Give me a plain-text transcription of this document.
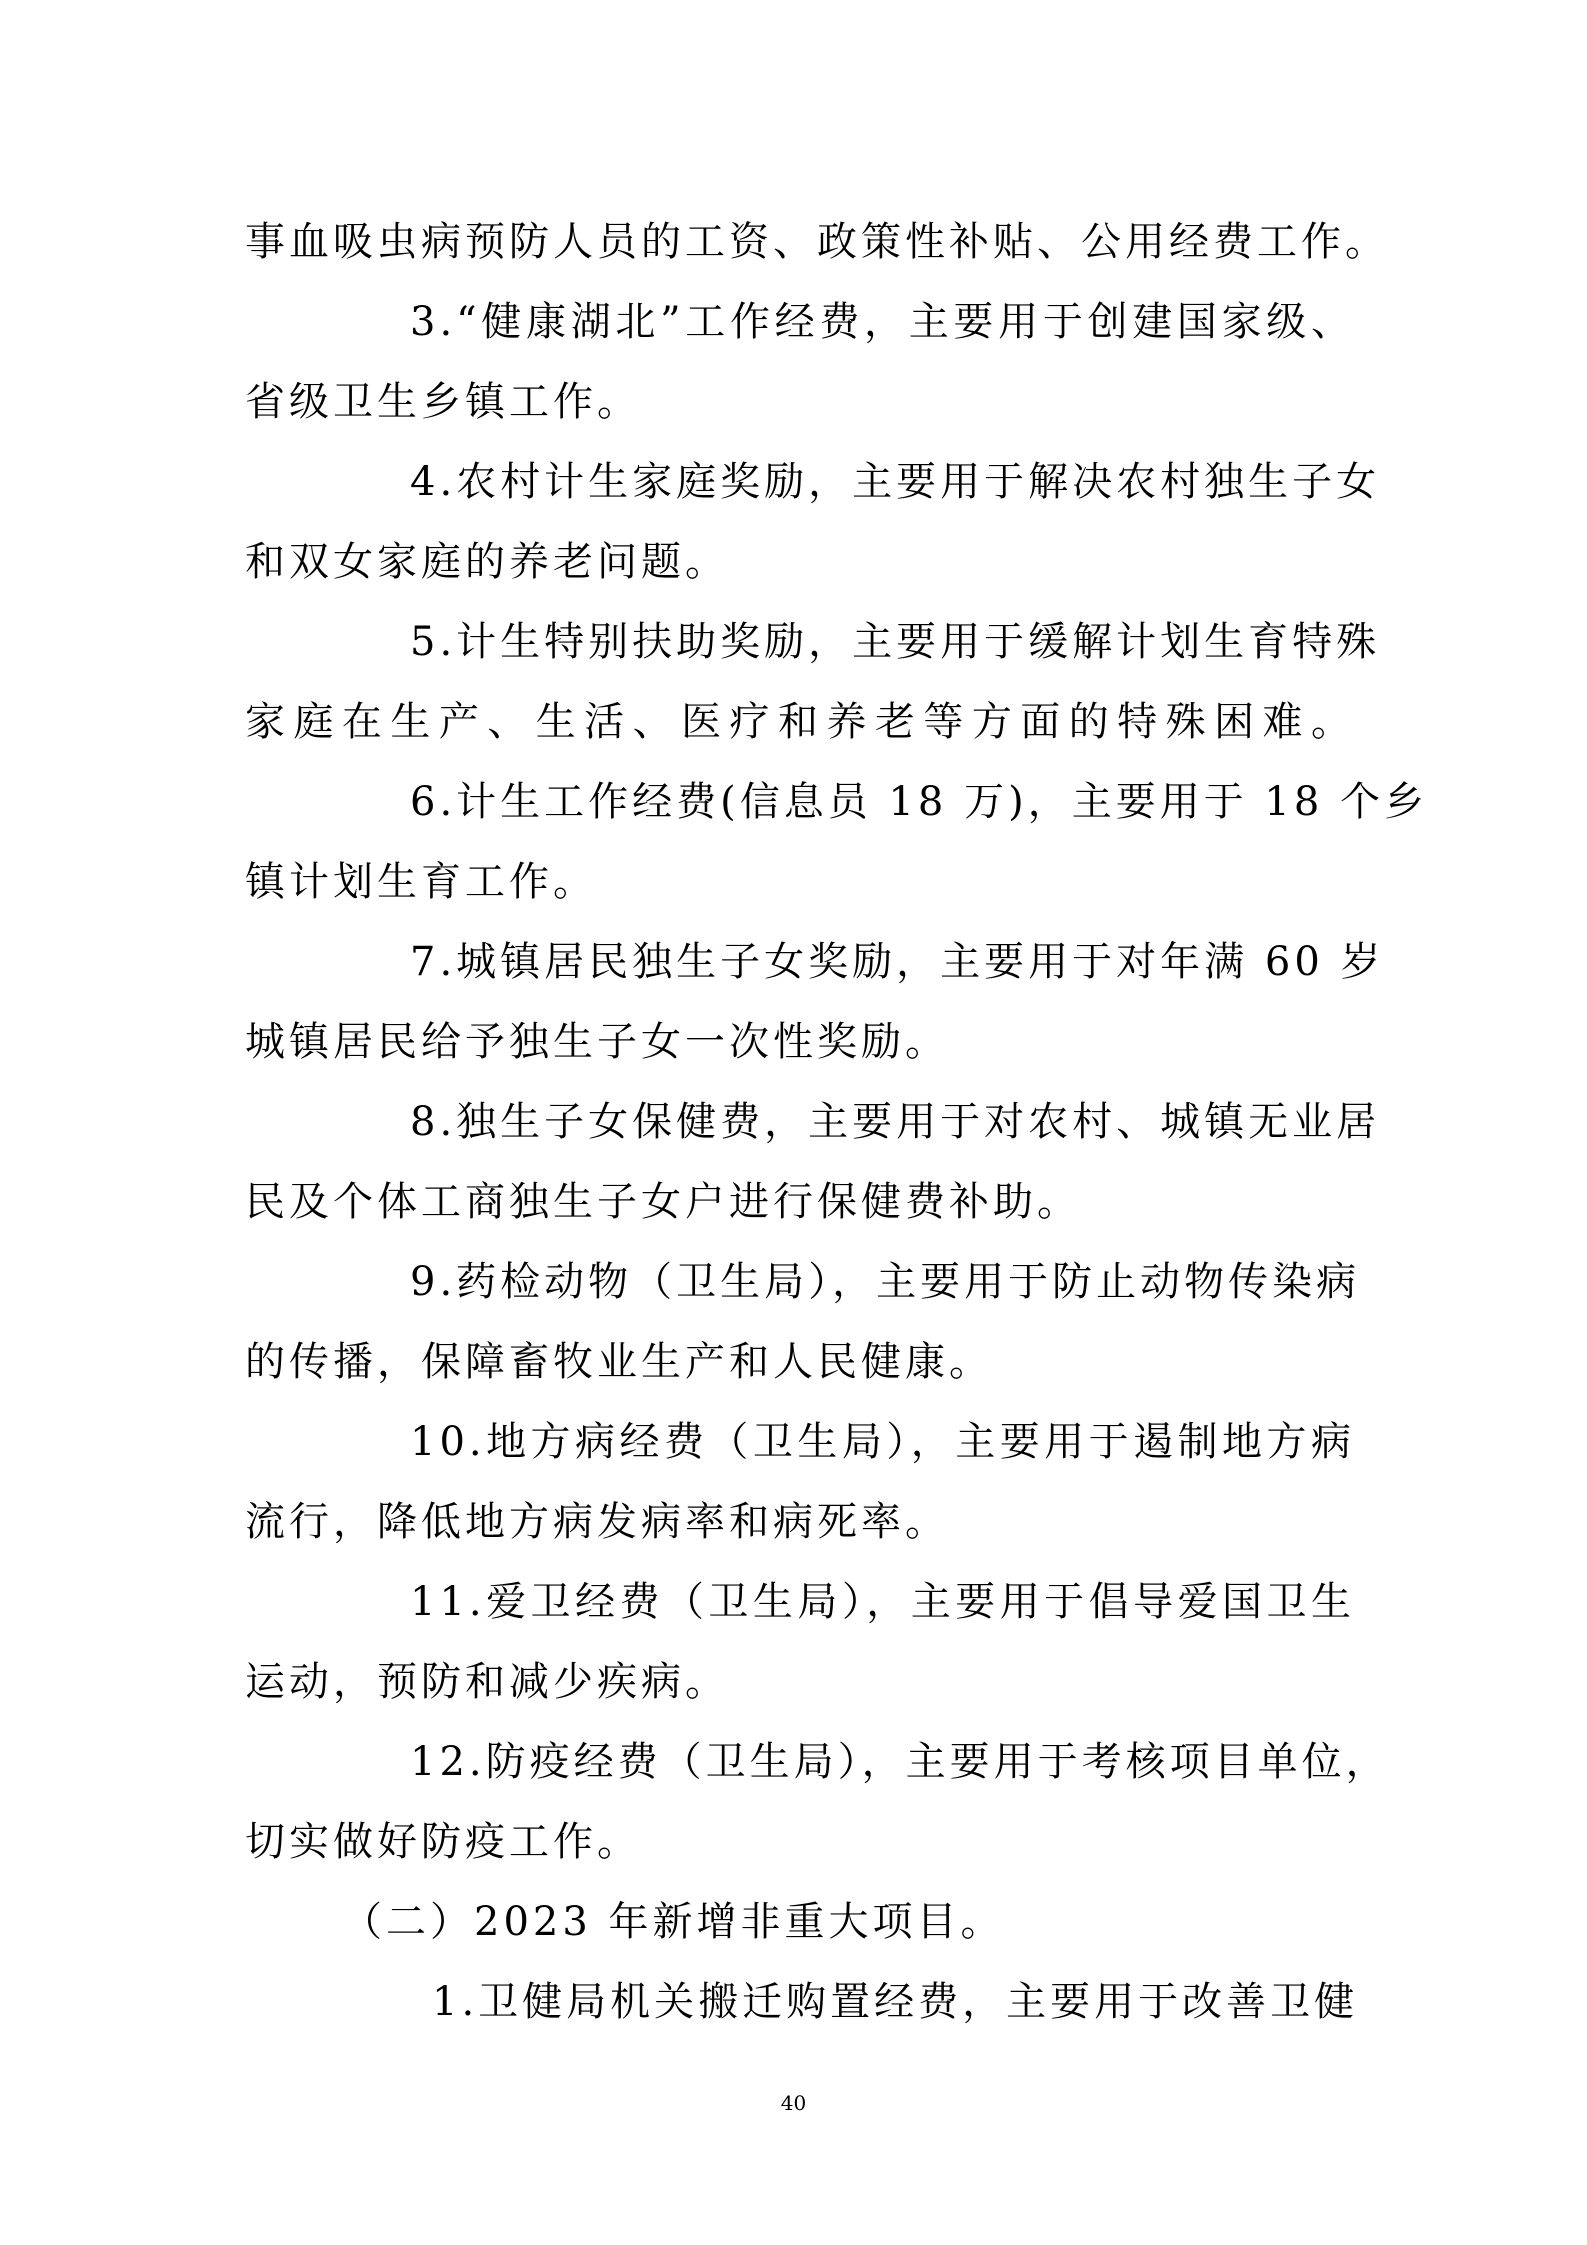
事血吸虫病预防人员的工资、政策性补贴、公用经费工作。

3.“健康湖北”工作经费，主要用于创建国家级、

省级卫生乡镇工作。

4.农村计生家庭奖励，主要用于解决农村独生子女

和双女家庭的养老问题。

5.计生特别扶助奖励，主要用于缓解计划生育特殊

家庭在生产、生活、医疗和养老等方面的特殊困难。

6.计生工作经费(信息员 18 万)，主要用于 18 个乡

镇计划生育工作。

7.城镇居民独生子女奖励，主要用于对年满 60 岁

城镇居民给予独生子女一次性奖励。

8.独生子女保健费，主要用于对农村、城镇无业居

民及个体工商独生子女户进行保健费补助。

9.药检动物（卫生局），主要用于防止动物传染病

的传播，保障畜牧业生产和人民健康。

10.地方病经费（卫生局），主要用于遏制地方病

流行，降低地方病发病率和病死率。

11.爱卫经费（卫生局），主要用于倡导爱国卫生

运动，预防和减少疾病。

12.防疫经费（卫生局），主要用于考核项目单位，

切实做好防疫工作。

（二）2023 年新增非重大项目。

1.卫健局机关搬迁购置经费，主要用于改善卫健

40
